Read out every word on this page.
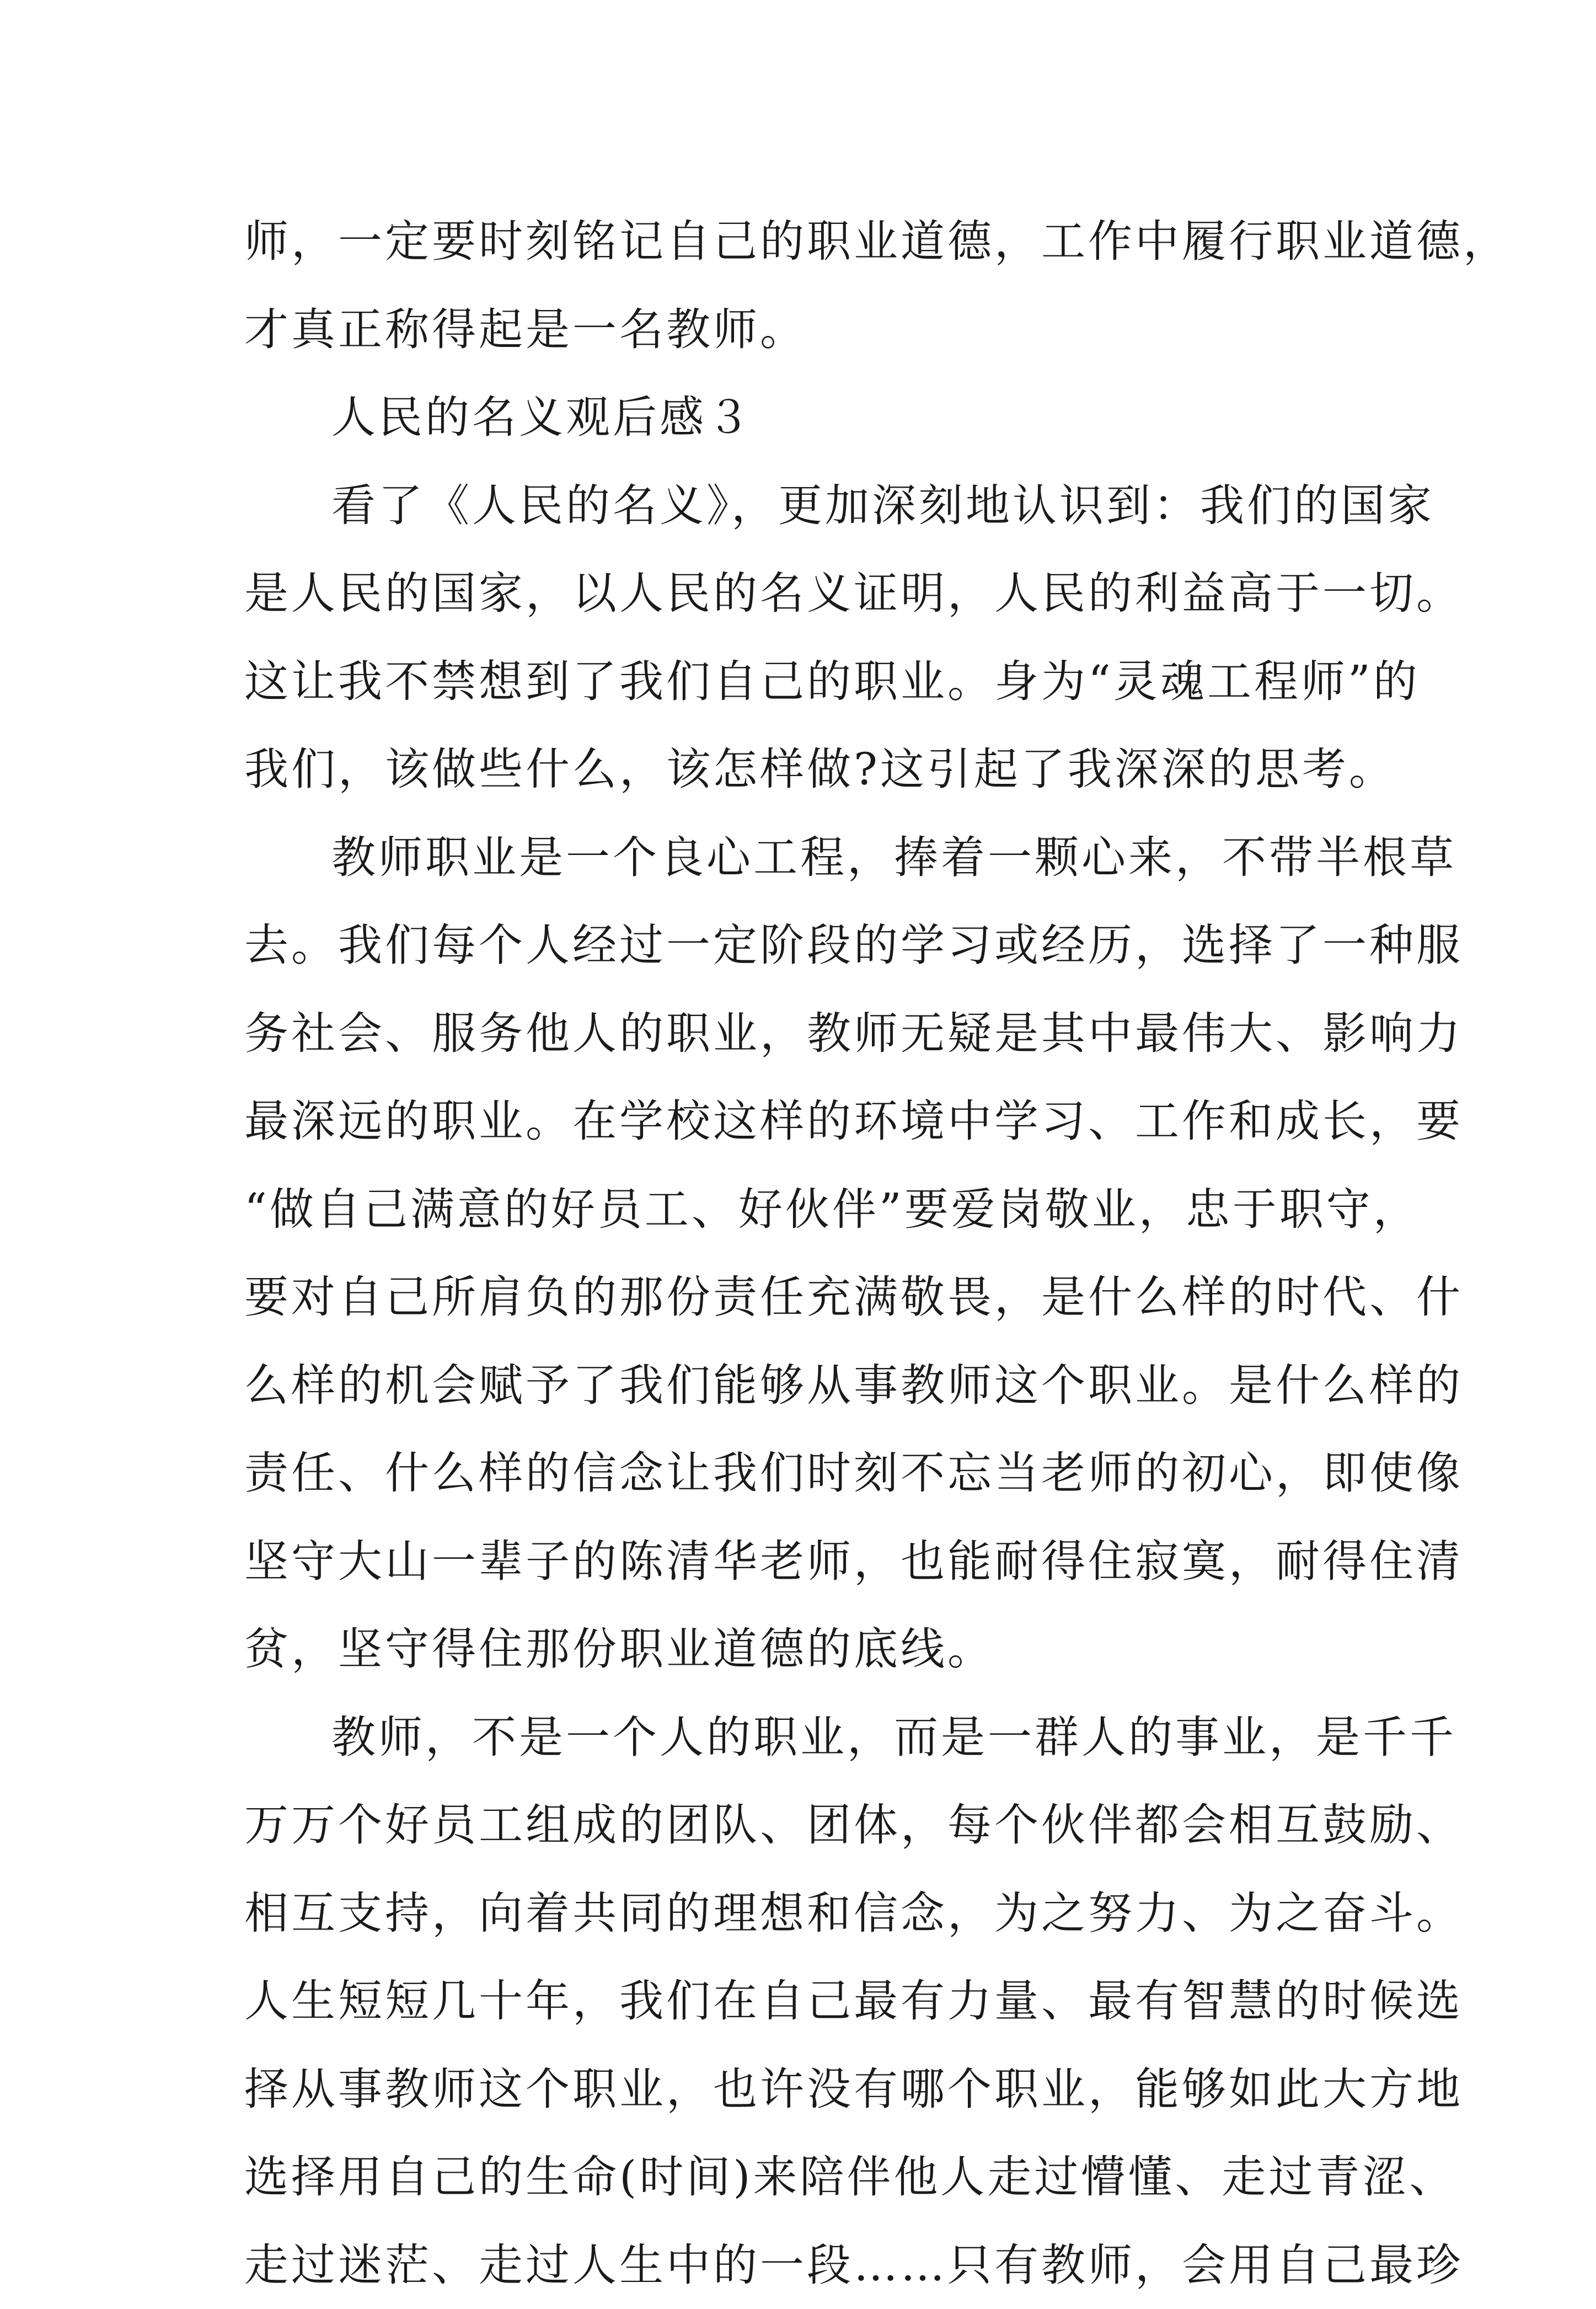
师，一定要时刻铭记自己的职业道德，工作中履行职业道德，
才真正称得起是一名教师。
人民的名义观后感３
看了《人民的名义》，更加深刻地认识到：我们的国家
是人民的国家，以人民的名义证明，人民的利益高于一切。
这让我不禁想到了我们自己的职业。身为“灵魂工程师”的
我们，该做些什么，该怎样做?这引起了我深深的思考。
教师职业是一个良心工程，捧着一颗心来，不带半根草
去。我们每个人经过一定阶段的学习或经历，选择了一种服
务社会、服务他人的职业，教师无疑是其中最伟大、影响力
最深远的职业。在学校这样的环境中学习、工作和成长，要
“做自己满意的好员工、好伙伴”要爱岗敬业，忠于职守，
要对自己所肩负的那份责任充满敬畏，是什么样的时代、什
么样的机会赋予了我们能够从事教师这个职业。是什么样的
责任、什么样的信念让我们时刻不忘当老师的初心，即使像
坚守大山一辈子的陈清华老师，也能耐得住寂寞，耐得住清
贫，坚守得住那份职业道德的底线。
教师，不是一个人的职业，而是一群人的事业，是千千
万万个好员工组成的团队、团体，每个伙伴都会相互鼓励、
相互支持，向着共同的理想和信念，为之努力、为之奋斗。
人生短短几十年，我们在自己最有力量、最有智慧的时候选
择从事教师这个职业，也许没有哪个职业，能够如此大方地
选择用自己的生命(时间)来陪伴他人走过懵懂、走过青涩、
走过迷茫、走过人生中的一段……只有教师，会用自己最珍
